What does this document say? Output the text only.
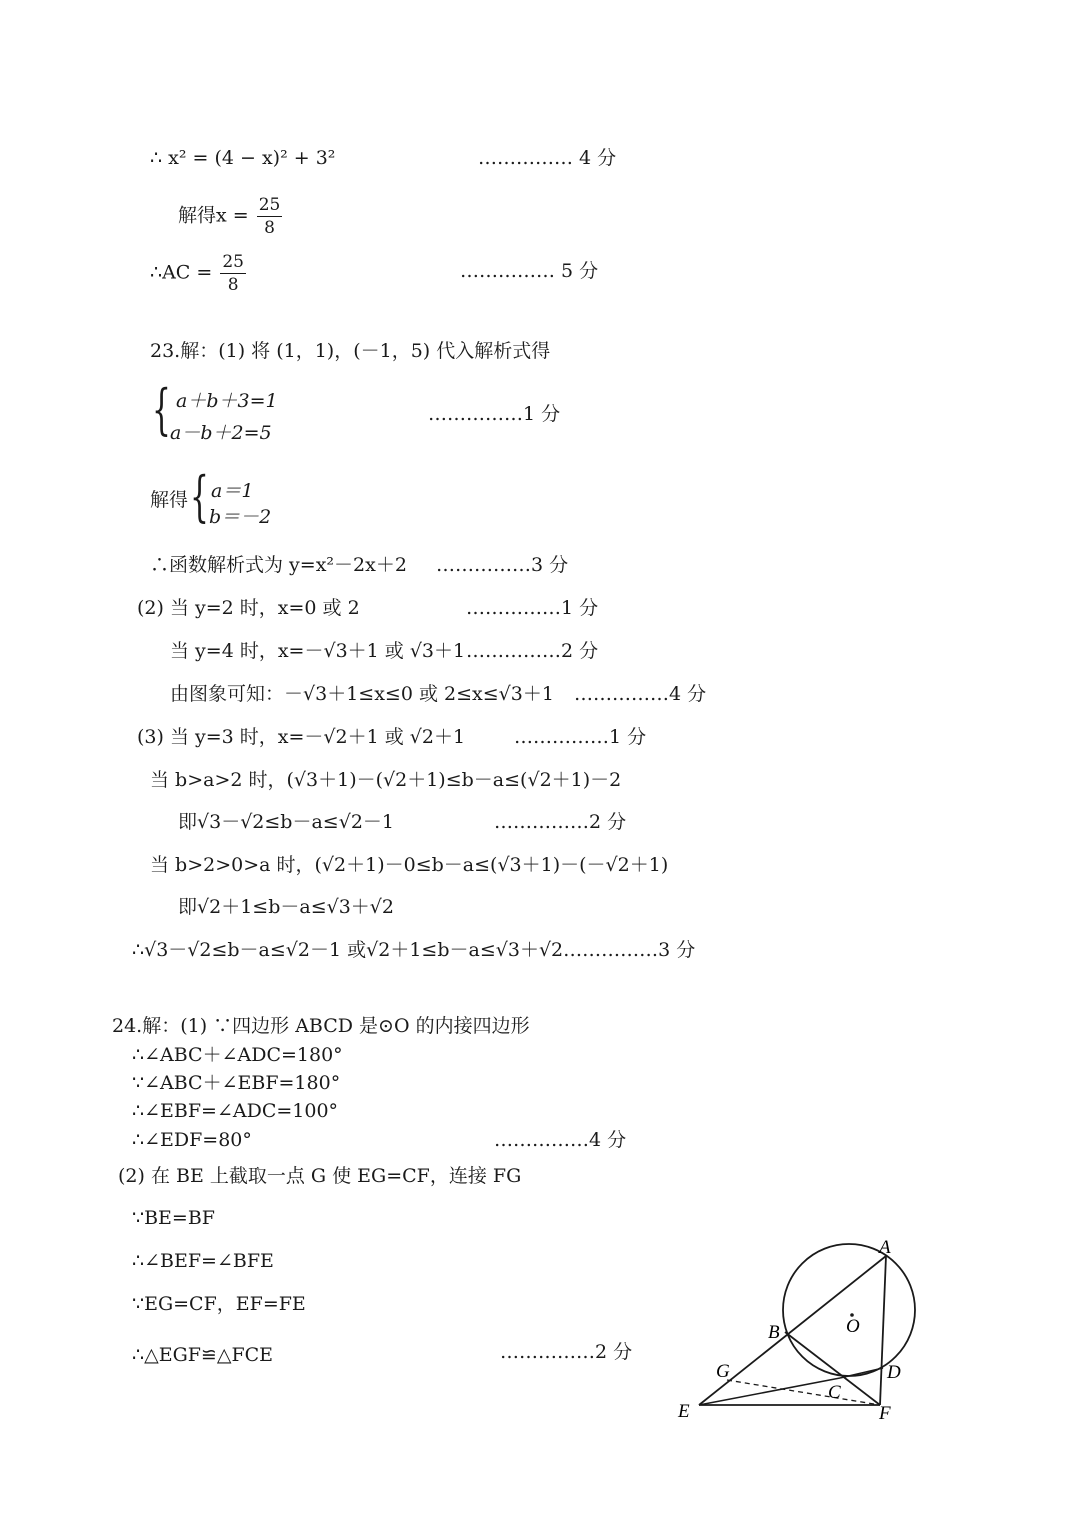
∴ x² = (4 − x)² + 3²	…………… 4 分
解得$x = \frac{25}{8}$
∴AC = $\frac{25}{8}$	…………… 5 分
23.解：(1) 将 (1，1)，(－1，5) 代入解析式得
{ a＋b＋3=1
a－b＋2=5
……………1 分
解得 { a＝1
b＝－2
∴函数解析式为 y=x²－2x＋2 ……………3 分
(2) 当 y=2 时，x=0 或 2	……………1 分
当 y=4 时，x=－√3＋1 或 √3＋1 ……………2 分
由图象可知：－√3＋1≤x≤0 或 2≤x≤√3＋1 ……………4 分
(3) 当 y=3 时，x=－√2＋1 或 √2＋1	……………1 分
当 b>a>2 时，(√3＋1)－(√2＋1)≤b－a≤(√2＋1)－2
即√3－√2≤b－a≤√2－1	……………2 分
当 b>2>0>a 时，(√2＋1)－0≤b－a≤(√3＋1)－(－√2＋1)
即√2＋1≤b－a≤√3＋√2
∴√3－√2≤b－a≤√2－1 或√2＋1≤b－a≤√3＋√2……………3 分
24.解：(1) ∵四边形 ABCD 是⊙O 的内接四边形
∴∠ABC＋∠ADC=180°
∵∠ABC＋∠EBF=180°
∴∠EBF=∠ADC=100°
∴∠EDF=80°	……………4 分
(2) 在 BE 上截取一点 G 使 EG=CF，连接 FG
∵BE=BF
∴∠BEF=∠BFE
∵EG=CF，EF=FE
∴△EGF≌△FCE	……………2 分
A
B
C
D
E	F
G
O
